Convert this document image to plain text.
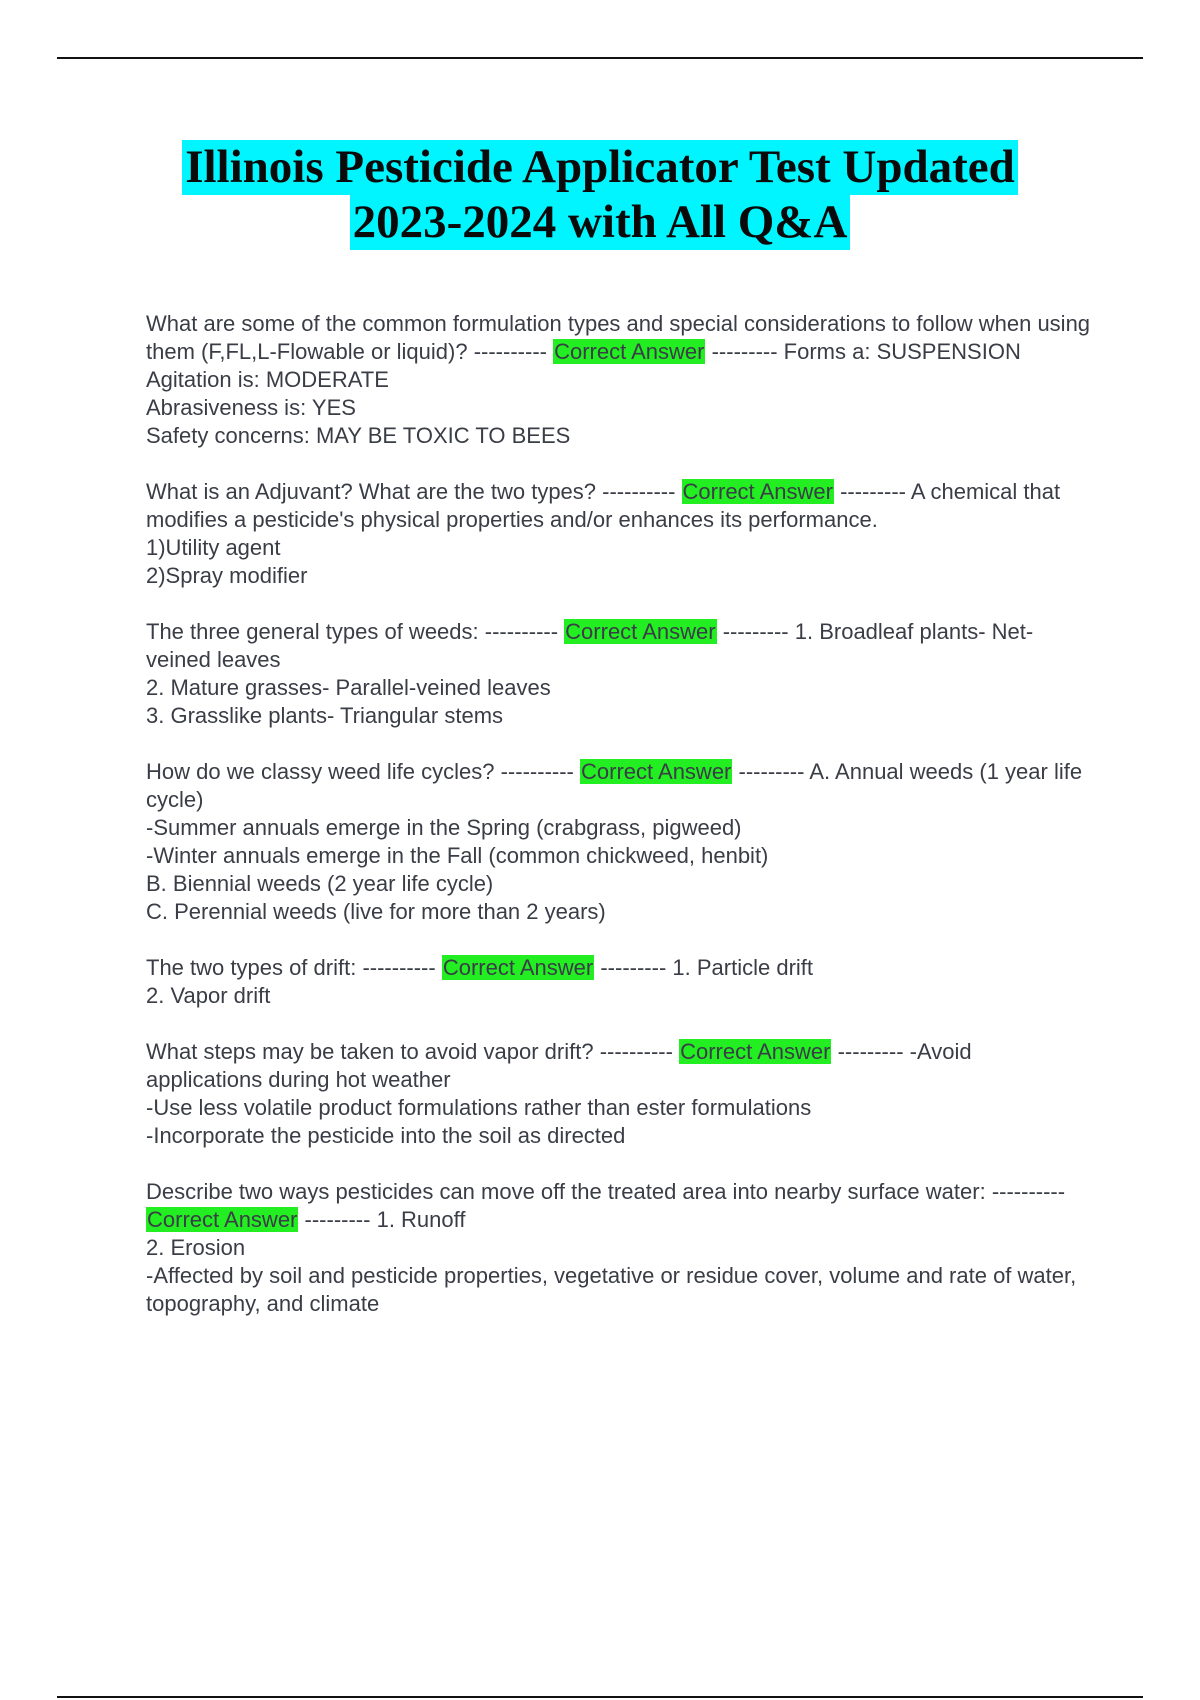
Illinois Pesticide Applicator Test Updated
2023-2024 with All Q&A
What are some of the common formulation types and special considerations to follow when using them (F,FL,L-Flowable or liquid)? ---------- Correct Answer --------- Forms a: SUSPENSION
Agitation is: MODERATE
Abrasiveness is: YES
Safety concerns: MAY BE TOXIC TO BEES
What is an Adjuvant? What are the two types? ---------- Correct Answer --------- A chemical that modifies a pesticide's physical properties and/or enhances its performance.
1)Utility agent
2)Spray modifier
The three general types of weeds: ---------- Correct Answer --------- 1. Broadleaf plants- Net-veined leaves
2. Mature grasses- Parallel-veined leaves
3. Grasslike plants- Triangular stems
How do we classy weed life cycles? ---------- Correct Answer --------- A. Annual weeds (1 year life cycle)
-Summer annuals emerge in the Spring (crabgrass, pigweed)
-Winter annuals emerge in the Fall (common chickweed, henbit)
B. Biennial weeds (2 year life cycle)
C. Perennial weeds (live for more than 2 years)
The two types of drift: ---------- Correct Answer --------- 1. Particle drift
2. Vapor drift
What steps may be taken to avoid vapor drift? ---------- Correct Answer --------- -Avoid applications during hot weather
-Use less volatile product formulations rather than ester formulations
-Incorporate the pesticide into the soil as directed
Describe two ways pesticides can move off the treated area into nearby surface water: ---------- Correct Answer --------- 1. Runoff
2. Erosion
-Affected by soil and pesticide properties, vegetative or residue cover, volume and rate of water, topography, and climate
